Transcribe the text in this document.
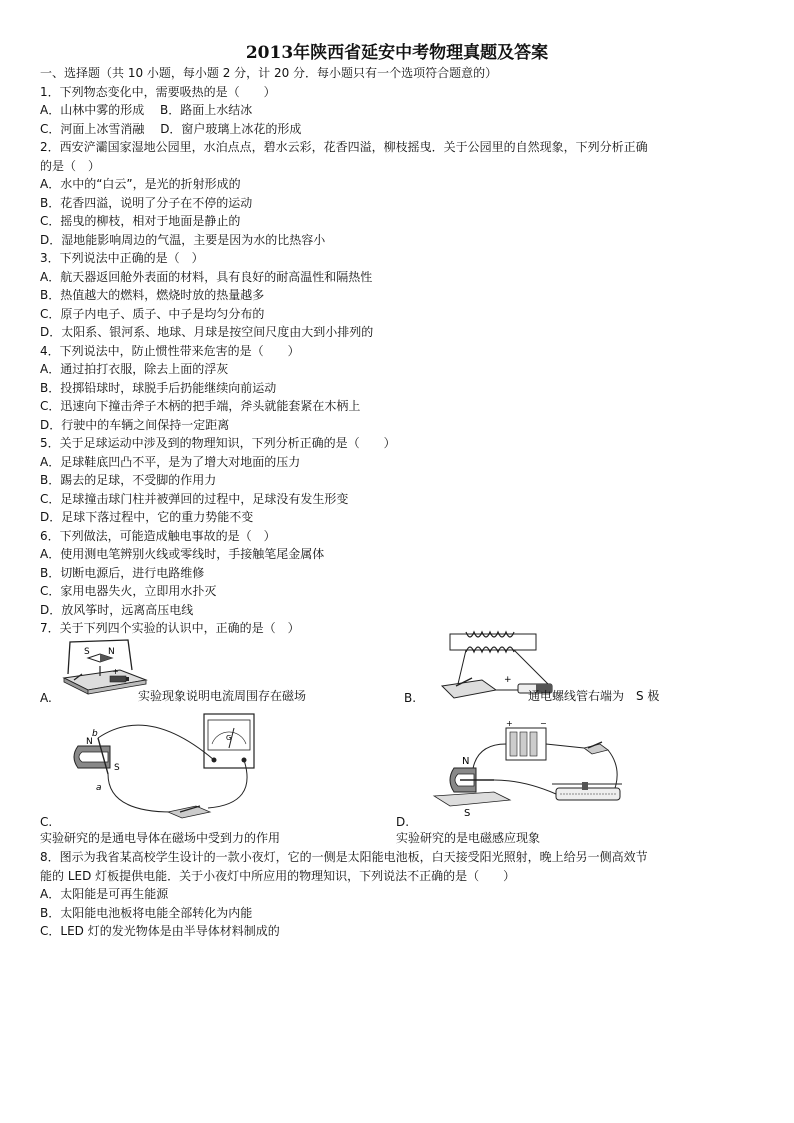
2013年陕西省延安中考物理真题及答案
一、选择题（共 10 小题，每小题 2 分，计 20 分．每小题只有一个选项符合题意的）
1．下列物态变化中，需要吸热的是（　　）
A．山林中雾的形成　 B．路面上水结冰
C．河面上冰雪消融　 D．窗户玻璃上冰花的形成
2．西安浐灞国家湿地公园里，水泊点点，碧水云彩，花香四溢，柳枝摇曳．关于公园里的自然现象，下列分析正确
的是（　）
A．水中的“白云”，是光的折射形成的
B．花香四溢，说明了分子在不停的运动
C．摇曳的柳枝，相对于地面是静止的
D．湿地能影响周边的气温，主要是因为水的比热容小
3．下列说法中正确的是（　）
A．航天器返回舱外表面的材料，具有良好的耐高温性和隔热性
B．热值越大的燃料，燃烧时放的热量越多
C．原子内电子、质子、中子是均匀分布的
D．太阳系、银河系、地球、月球是按空间尺度由大到小排列的
4．下列说法中，防止惯性带来危害的是（　　）
A．通过拍打衣服，除去上面的浮灰
B．投掷铅球时，球脱手后扔能继续向前运动
C．迅速向下撞击斧子木柄的把手端，斧头就能套紧在木柄上
D．行驶中的车辆之间保持一定距离
5．关于足球运动中涉及到的物理知识，下列分析正确的是（　　）
A．足球鞋底凹凸不平，是为了增大对地面的压力
B．踢去的足球，不受脚的作用力
C．足球撞击球门柱并被弹回的过程中，足球没有发生形变
D．足球下落过程中，它的重力势能不变
6．下列做法，可能造成触电事故的是（　）
A．使用测电笔辨别火线或零线时，手接触笔尾金属体
B．切断电源后，进行电路维修
C．家用电器失火，立即用水扑灭
D．放风筝时，远离高压电线
7．关于下列四个实验的认识中，正确的是（　）
S N
+
A.	实验现象说明电流周围存在磁场
+
B.	通电螺线管右端为　S 极
G
N
S
b
a
C.
实验研究的是通电导体在磁场中受到力的作用
+	−
N
S
D.
实验研究的是电磁感应现象
8．图示为我省某高校学生设计的一款小夜灯，它的一侧是太阳能电池板，白天接受阳光照射，晚上给另一侧高效节
能的 LED 灯板提供电能．关于小夜灯中所应用的物理知识，下列说法不正确的是（　　）
A．太阳能是可再生能源
B．太阳能电池板将电能全部转化为内能
C．LED 灯的发光物体是由半导体材料制成的
